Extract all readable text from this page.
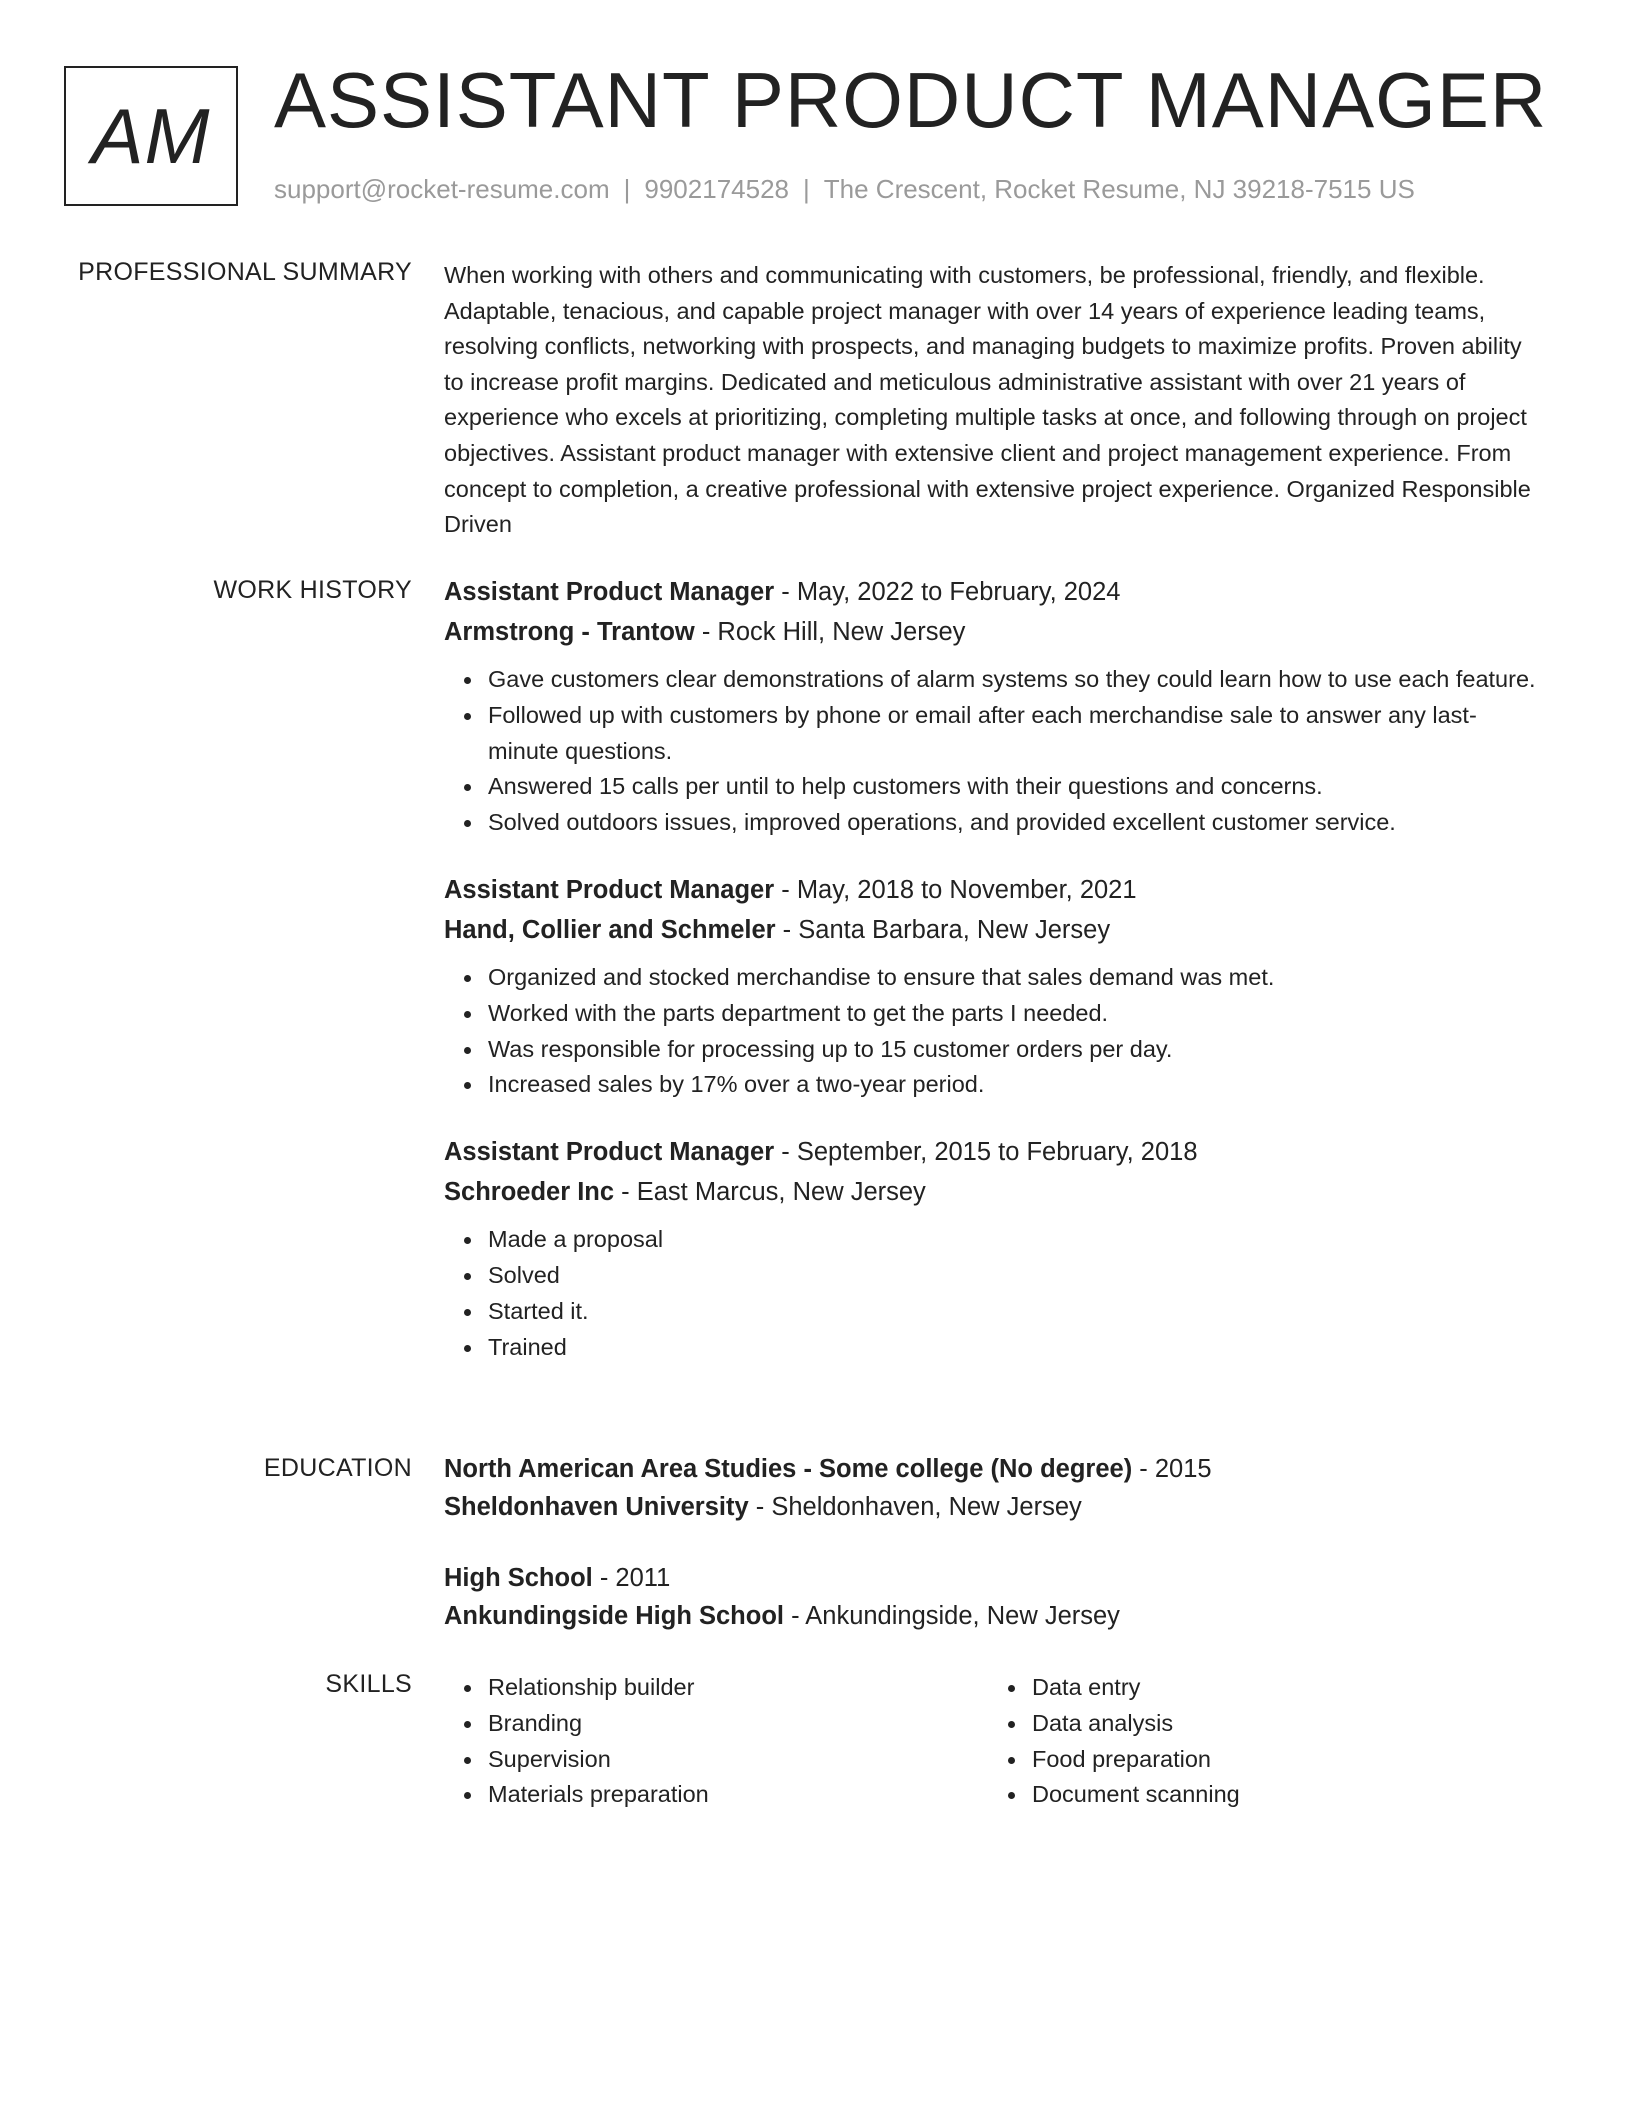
AM ASSISTANT PRODUCT MANAGER
support@rocket-resume.com | 9902174528 | The Crescent, Rocket Resume, NJ 39218-7515 US
PROFESSIONAL SUMMARY When working with others and communicating with customers, be professional, friendly, and flexible. Adaptable, tenacious, and capable project manager with over 14 years of experience leading teams, resolving conflicts, networking with prospects, and managing budgets to maximize profits. Proven ability to increase profit margins. Dedicated and meticulous administrative assistant with over 21 years of experience who excels at prioritizing, completing multiple tasks at once, and following through on project objectives. Assistant product manager with extensive client and project management experience. From concept to completion, a creative professional with extensive project experience. Organized Responsible Driven

WORK HISTORY Assistant Product Manager - May, 2022 to February, 2024
Armstrong - Trantow - Rock Hill, New Jersey
Gave customers clear demonstrations of alarm systems so they could learn how to use each feature.
Followed up with customers by phone or email after each merchandise sale to answer any last-minute questions.
Answered 15 calls per until to help customers with their questions and concerns.
Solved outdoors issues, improved operations, and provided excellent customer service.
Assistant Product Manager - May, 2018 to November, 2021
Hand, Collier and Schmeler - Santa Barbara, New Jersey
Organized and stocked merchandise to ensure that sales demand was met.
Worked with the parts department to get the parts I needed.
Was responsible for processing up to 15 customer orders per day.
Increased sales by 17% over a two-year period.
Assistant Product Manager - September, 2015 to February, 2018
Schroeder Inc - East Marcus, New Jersey
Made a proposal
Solved
Started it.
Trained
EDUCATION North American Area Studies - Some college (No degree) - 2015
Sheldonhaven University - Sheldonhaven, New Jersey
High School - 2011
Ankundingside High School - Ankundingside, New Jersey
SKILLS	Relationship builder
Branding
Supervision
Materials preparation
Data entry
Data analysis
Food preparation
Document scanning
